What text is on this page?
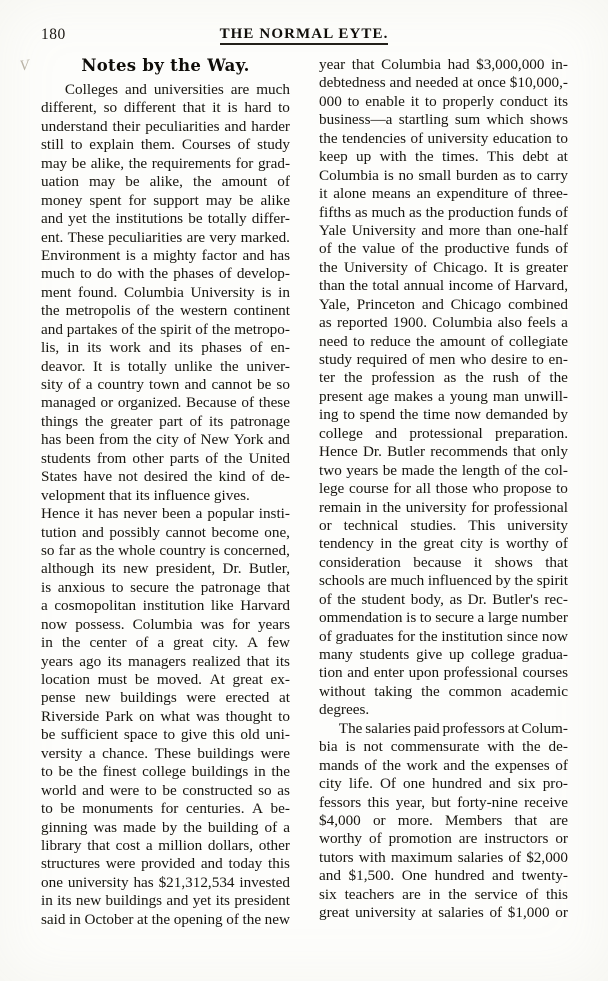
180	THE NORMAL EYTE.
V	Notes by the Way.
Colleges and universities are much
different, so different that it is hard to
understand their peculiarities and harder
still to explain them. Courses of study
may be alike, the requirements for grad-
uation may be alike, the amount of
money spent for support may be alike
and yet the institutions be totally differ-
ent. These peculiarities are very marked.
Environment is a mighty factor and has
much to do with the phases of develop-
ment found. Columbia University is in
the metropolis of the western continent
and partakes of the spirit of the metropo-
lis, in its work and its phases of en-
deavor. It is totally unlike the univer-
sity of a country town and cannot be so
managed or organized. Because of these
things the greater part of its patronage
has been from the city of New York and
students from other parts of the United
States have not desired the kind of de-
velopment that its influence gives.
Hence it has never been a popular insti-
tution and possibly cannot become one,
so far as the whole country is concerned,
although its new president, Dr. Butler,
is anxious to secure the patronage that
a cosmopolitan institution like Harvard
now possess. Columbia was for years
in the center of a great city. A few
years ago its managers realized that its
location must be moved. At great ex-
pense new buildings were erected at
Riverside Park on what was thought to
be sufficient space to give this old uni-
versity a chance. These buildings were
to be the finest college buildings in the
world and were to be constructed so as
to be monuments for centuries. A be-
ginning was made by the building of a
library that cost a million dollars, other
structures were provided and today this
one university has $21,312,534 invested
in its new buildings and yet its president
said in October at the opening of the new
year that Columbia had $3,000,000 in-
debtedness and needed at once $10,000,-
000 to enable it to properly conduct its
business—a startling sum which shows
the tendencies of university education to
keep up with the times. This debt at
Columbia is no small burden as to carry
it alone means an expenditure of three-
fifths as much as the production funds of
Yale University and more than one-half
of the value of the productive funds of
the University of Chicago. It is greater
than the total annual income of Harvard,
Yale, Princeton and Chicago combined
as reported 1900. Columbia also feels a
need to reduce the amount of collegiate
study required of men who desire to en-
ter the profession as the rush of the
present age makes a young man unwill-
ing to spend the time now demanded by
college and protessional preparation.
Hence Dr. Butler recommends that only
two years be made the length of the col-
lege course for all those who propose to
remain in the university for professional
or technical studies. This university
tendency in the great city is worthy of
consideration because it shows that
schools are much influenced by the spirit
of the student body, as Dr. Butler's rec-
ommendation is to secure a large number
of graduates for the institution since now
many students give up college gradua-
tion and enter upon professional courses
without taking the common academic
degrees.
The salaries paid professors at Colum-
bia is not commensurate with the de-
mands of the work and the expenses of
city life. Of one hundred and six pro-
fessors this year, but forty-nine receive
$4,000 or more. Members that are
worthy of promotion are instructors or
tutors with maximum salaries of $2,000
and $1,500. One hundred and twenty-
six teachers are in the service of this
great university at salaries of $1,000 or
